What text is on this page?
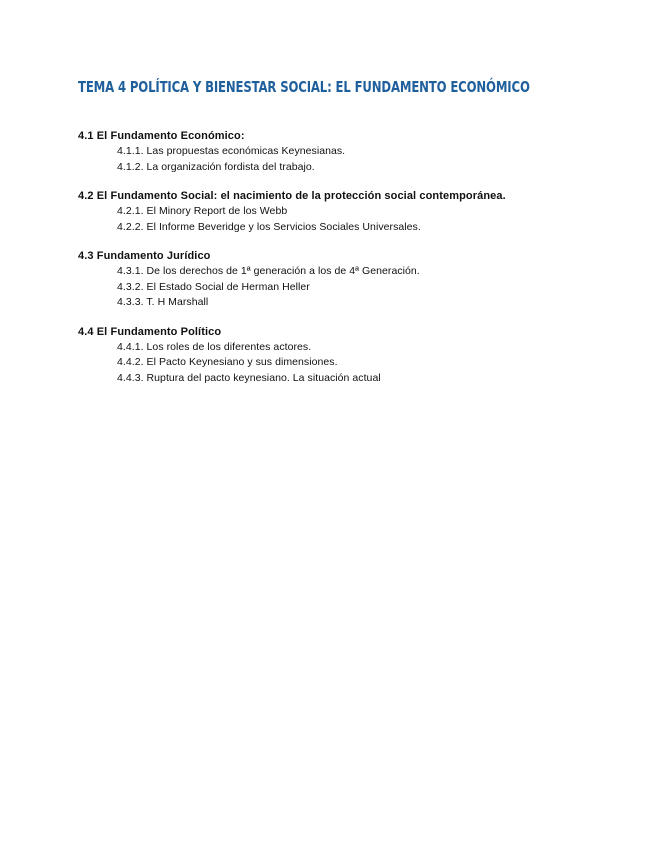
TEMA 4 POLÍTICA Y BIENESTAR SOCIAL: EL FUNDAMENTO ECONÓMICO
4.1 El Fundamento Económico:
4.1.1. Las propuestas económicas Keynesianas.
4.1.2. La organización fordista del trabajo.
4.2 El Fundamento Social: el nacimiento de la protección social contemporánea.
4.2.1. El Minory Report de los Webb
4.2.2. El Informe Beveridge y los Servicios Sociales Universales.
4.3 Fundamento Jurídico
4.3.1. De los derechos de 1ª generación a los de 4ª Generación.
4.3.2. El Estado Social de Herman Heller
4.3.3. T. H Marshall
4.4 El Fundamento Político
4.4.1. Los roles de los diferentes actores.
4.4.2. El Pacto Keynesiano y sus dimensiones.
4.4.3. Ruptura del pacto keynesiano. La situación actual
